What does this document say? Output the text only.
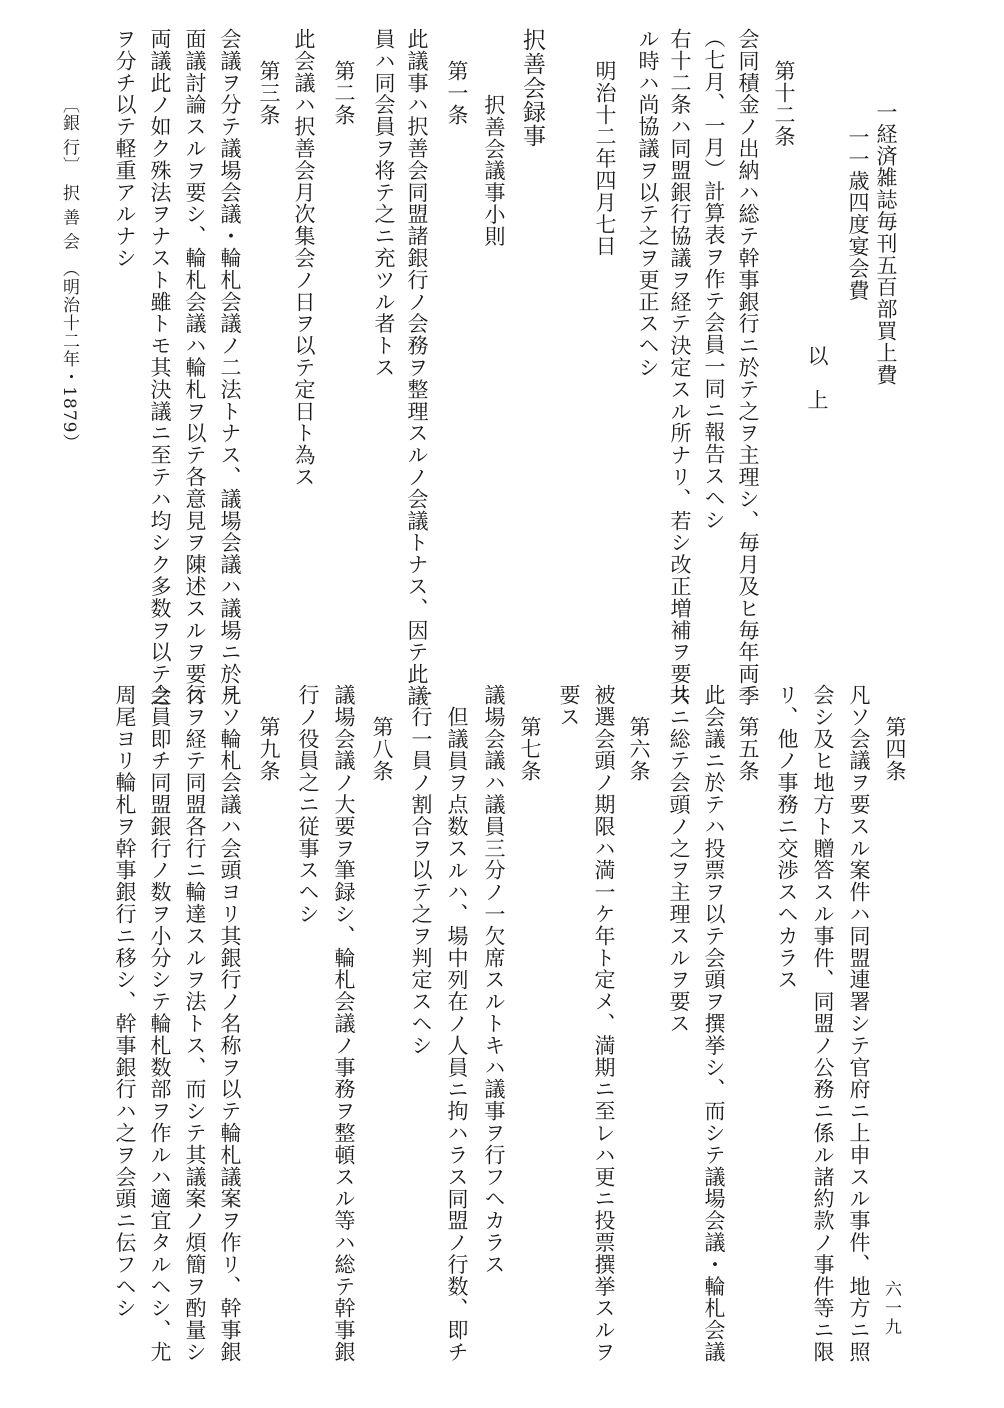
一経済雑誌毎刊五百部買上費
一一歳四度宴会費
以　上
第十二条
会同積金ノ出納ハ総テ幹事銀行ニ於テ之ヲ主理シ、毎月及ヒ毎年両季
（七月、一月）計算表ヲ作テ会員一同ニ報告スヘシ
右十二条ハ同盟銀行協議ヲ経テ決定スル所ナリ、若シ改正増補ヲ要ス
ル時ハ尚協議ヲ以テ之ヲ更正スヘシ
明治十二年四月七日
択善会録事
択善会議事小則
第一条
此議事ハ択善会同盟諸銀行ノ会務ヲ整理スルノ会議トナス、因テ此議
員ハ同会員ヲ将テ之ニ充ツル者トス
第二条
此会議ハ択善会月次集会ノ日ヲ以テ定日ト為ス
第三条
会議ヲ分テ議場会議・輪札会議ノ二法トナス、議場会議ハ議場ニ於テ
面議討論スルヲ要シ、輪札会議ハ輪札ヲ以テ各意見ヲ陳述スルヲ要ス
両議此ノ如ク殊法ヲナスト雖トモ其決議ニ至テハ均シク多数ヲ以テ之
ヲ分チ以テ軽重アルナシ
第四条
凡ソ会議ヲ要スル案件ハ同盟連署シテ官府ニ上申スル事件、地方ニ照
会シ及ヒ地方ト贈答スル事件、同盟ノ公務ニ係ル諸約款ノ事件等ニ限
リ、他ノ事務ニ交渉スヘカラス
第五条
此会議ニ於テハ投票ヲ以テ会頭ヲ撰挙シ、而シテ議場会議・輪札会議
共ニ総テ会頭ノ之ヲ主理スルヲ要ス
第六条
被選会頭ノ期限ハ満一ケ年ト定メ、満期ニ至レハ更ニ投票撰挙スルヲ
要ス
第七条
議場会議ハ議員三分ノ一欠席スルトキハ議事ヲ行フヘカラス
但議員ヲ点数スルハ、場中列在ノ人員ニ拘ハラス同盟ノ行数、即チ
一行一員ノ割合ヲ以テ之ヲ判定スヘシ
第八条
議場会議ノ大要ヲ筆録シ、輪札会議ノ事務ヲ整頓スル等ハ総テ幹事銀
行ノ役員之ニ従事スヘシ
第九条
凡ソ輪札会議ハ会頭ヨリ其銀行ノ名称ヲ以テ輪札議案ヲ作リ、幹事銀
行ヲ経テ同盟各行ニ輪達スルヲ法トス、而シテ其議案ノ煩簡ヲ酌量シ
会員即チ同盟銀行ノ数ヲ小分シテ輪札数部ヲ作ルハ適宜タルヘシ、尤
周尾ヨリ輪札ヲ幹事銀行ニ移シ、幹事銀行ハ之ヲ会頭ニ伝フヘシ
〔銀 行〕　択 善 会　（明治十二年・1879）
六一九
